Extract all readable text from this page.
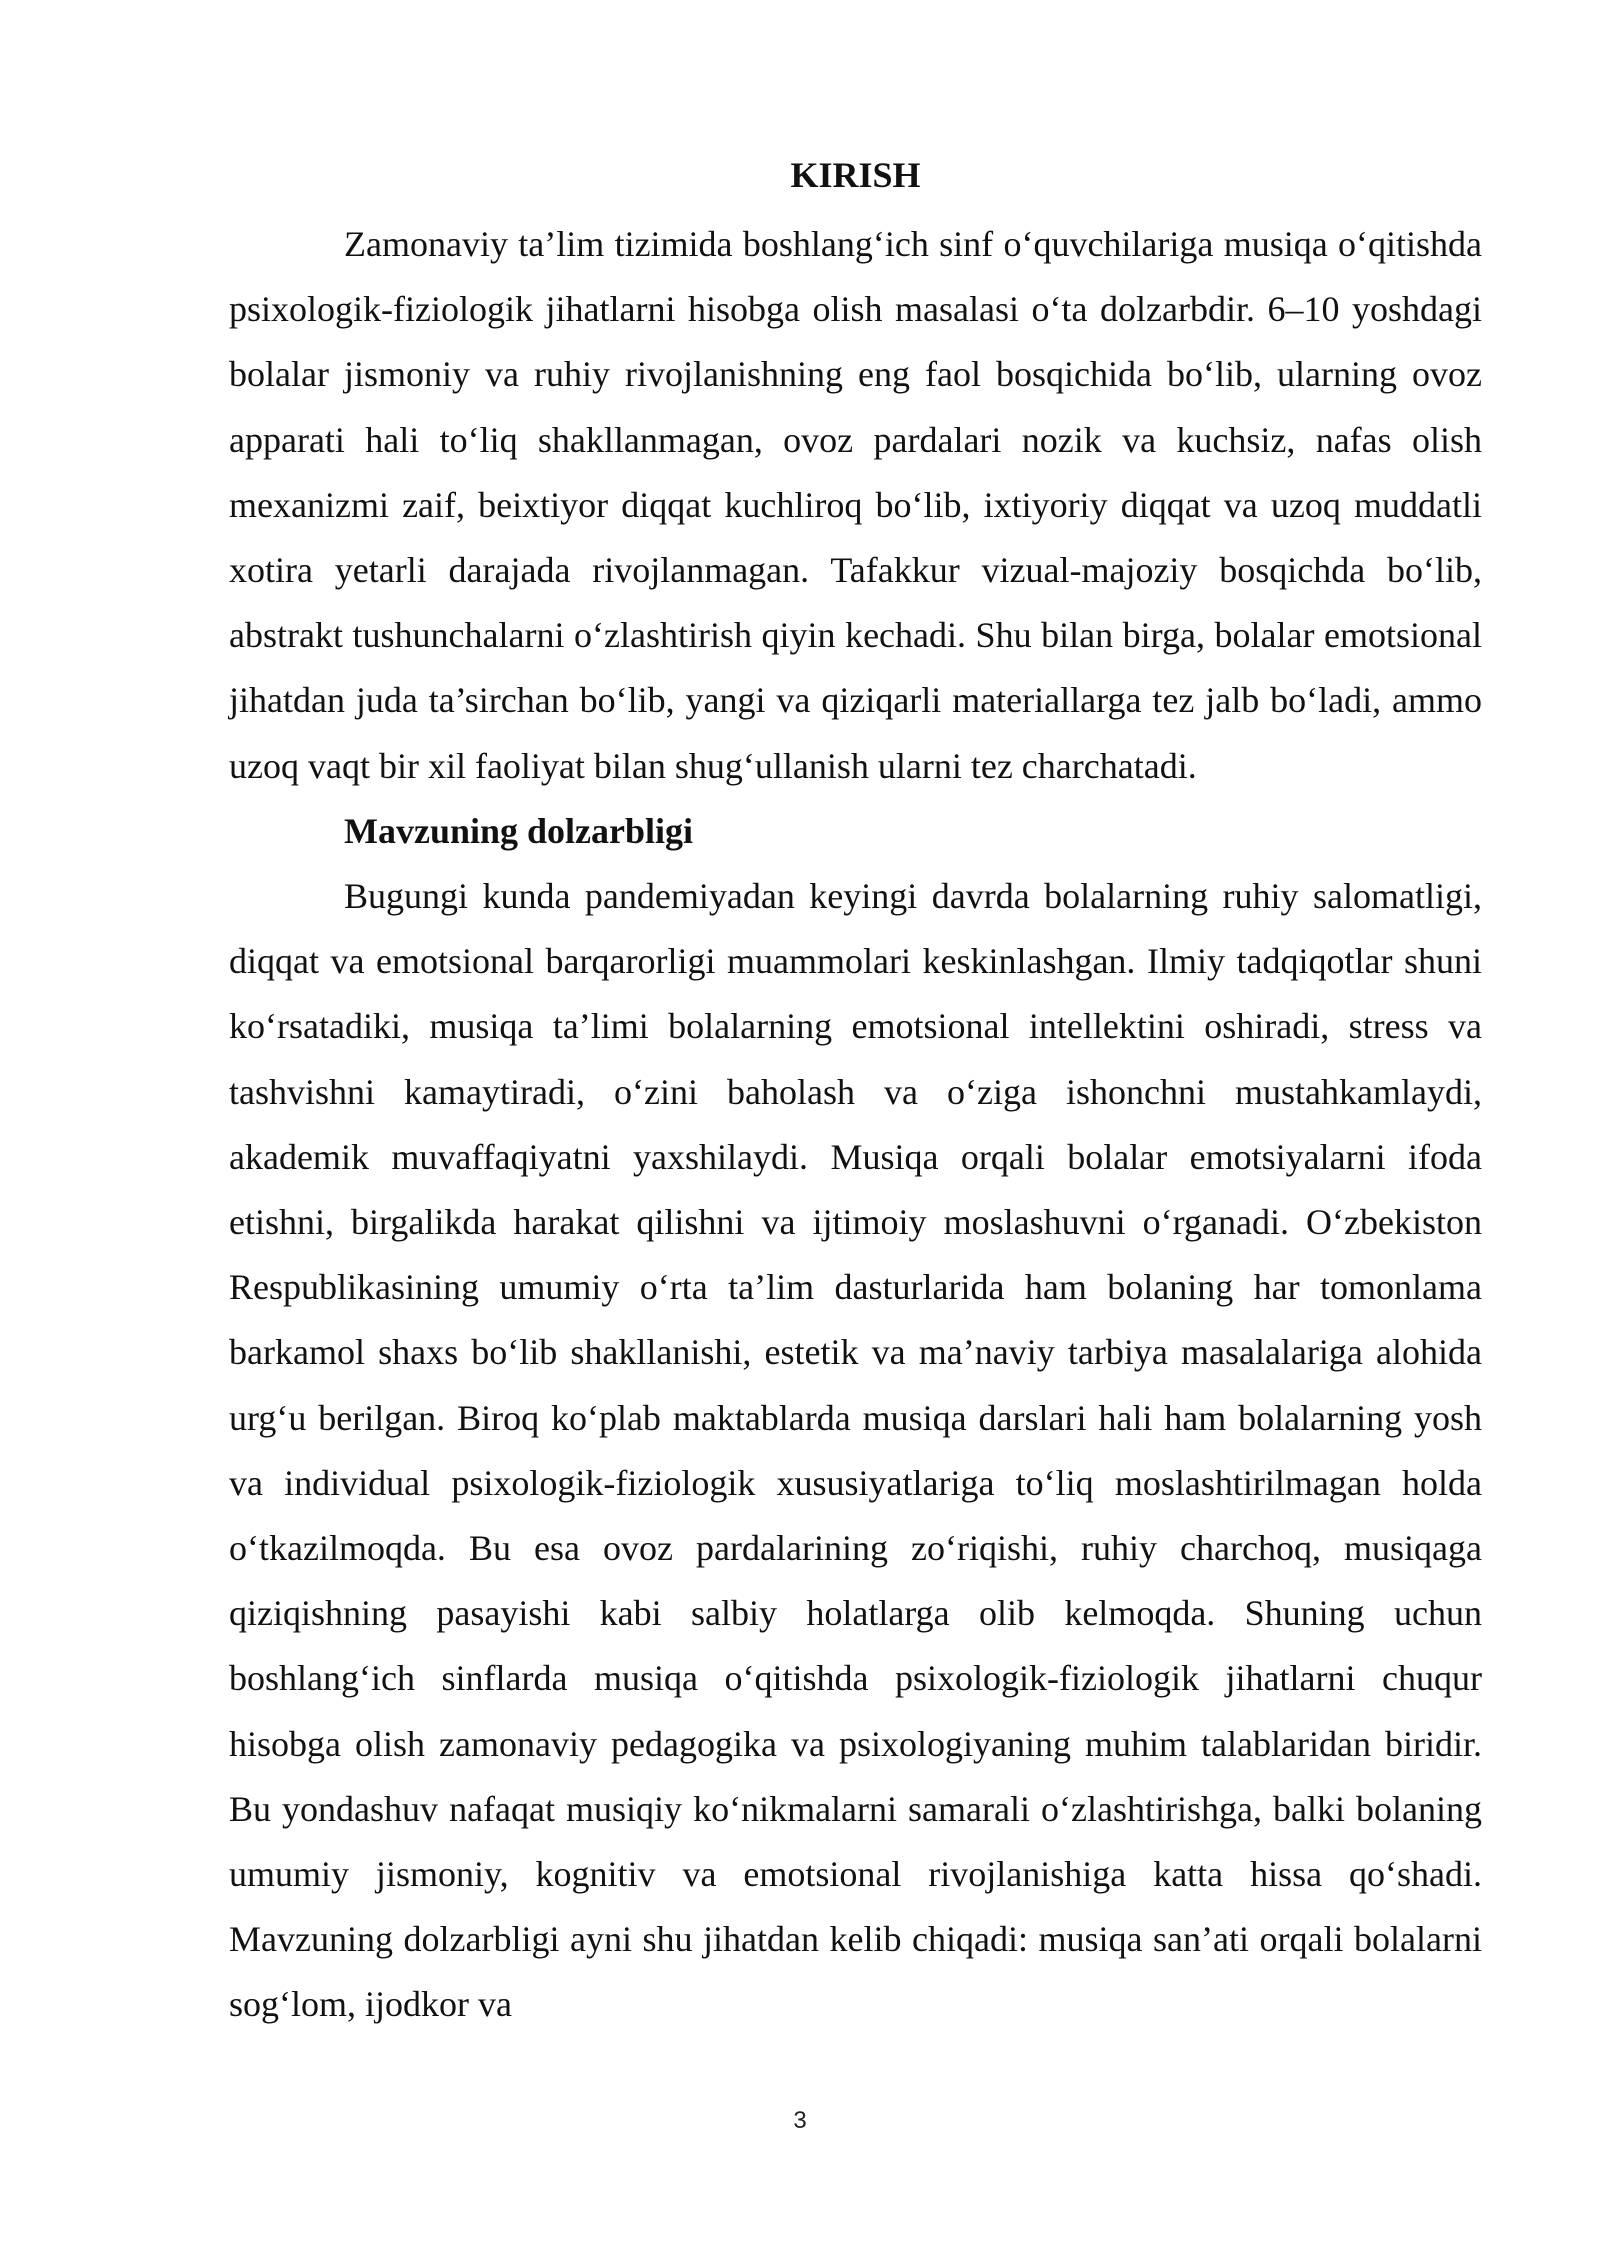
KIRISH

Zamonaviy ta’lim tizimida boshlang‘ich sinf o‘quvchilariga musiqa o‘qitishda psixologik-fiziologik jihatlarni hisobga olish masalasi o‘ta dolzarbdir. 6–10 yoshdagi bolalar jismoniy va ruhiy rivojlanishning eng faol bosqichida bo‘lib, ularning ovoz apparati hali to‘liq shakllanmagan, ovoz pardalari nozik va kuchsiz, nafas olish mexanizmi zaif, beixtiyor diqqat kuchliroq bo‘lib, ixtiyoriy diqqat va uzoq muddatli xotira yetarli darajada rivojlanmagan. Tafakkur vizual-majoziy bosqichda bo‘lib, abstrakt tushunchalarni o‘zlashtirish qiyin kechadi. Shu bilan birga, bolalar emotsional jihatdan juda ta’sirchan bo‘lib, yangi va qiziqarli materiallarga tez jalb bo‘ladi, ammo uzoq vaqt bir xil faoliyat bilan shug‘ullanish ularni tez charchatadi.

Mavzuning dolzarbligi

Bugungi kunda pandemiyadan keyingi davrda bolalarning ruhiy salomatligi, diqqat va emotsional barqarorligi muammolari keskinlashgan. Ilmiy tadqiqotlar shuni ko‘rsatadiki, musiqa ta’limi bolalarning emotsional intellektini oshiradi, stress va tashvishni kamaytiradi, o‘zini baholash va o‘ziga ishonchni mustahkamlaydi, akademik muvaffaqiyatni yaxshilaydi. Musiqa orqali bolalar emotsiyalarni ifoda etishni, birgalikda harakat qilishni va ijtimoiy moslashuvni o‘rganadi. O‘zbekiston Respublikasining umumiy o‘rta ta’lim dasturlarida ham bolaning har tomonlama barkamol shaxs bo‘lib shakllanishi, estetik va ma’naviy tarbiya masalalariga alohida urg‘u berilgan. Biroq ko‘plab maktablarda musiqa darslari hali ham bolalarning yosh va individual psixologik-fiziologik xususiyatlariga to‘liq moslashtirilmagan holda o‘tkazilmoqda. Bu esa ovoz pardalarining zo‘riqishi, ruhiy charchoq, musiqaga qiziqishning pasayishi kabi salbiy holatlarga olib kelmoqda. Shuning uchun boshlang‘ich sinflarda musiqa o‘qitishda psixologik-fiziologik jihatlarni chuqur hisobga olish zamonaviy pedagogika va psixologiyaning muhim talablaridan biridir. Bu yondashuv nafaqat musiqiy ko‘nikmalarni samarali o‘zlashtirishga, balki bolaning umumiy jismoniy, kognitiv va emotsional rivojlanishiga katta hissa qo‘shadi. Mavzuning dolzarbligi ayni shu jihatdan kelib chiqadi: musiqa san’ati orqali bolalarni sog‘lom, ijodkor va

3
